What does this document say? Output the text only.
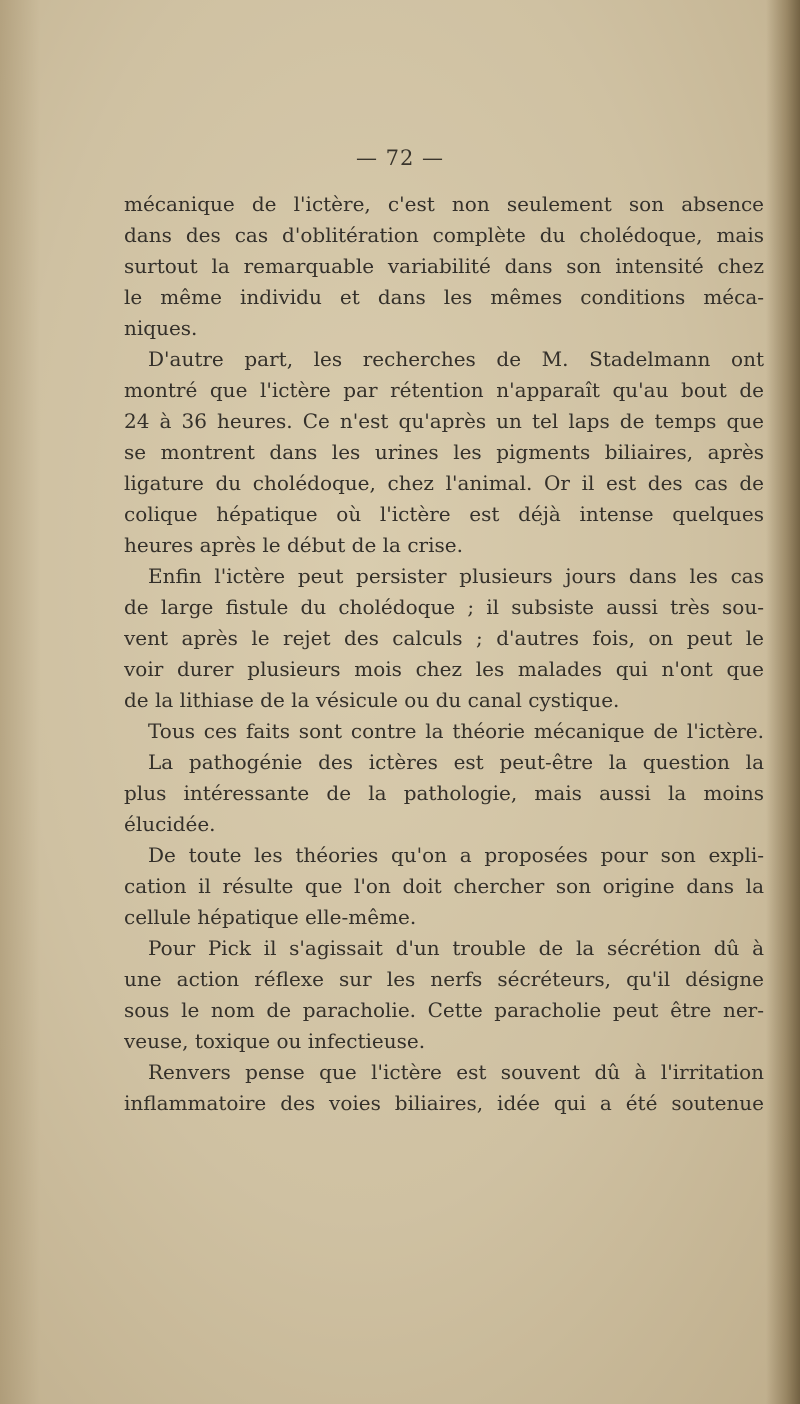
— 72 —
mécanique de l'ictère, c'est non seulement son absence
dans des cas d'oblitération complète du cholédoque, mais
surtout la remarquable variabilité dans son intensité chez
le même individu et dans les mêmes conditions méca-
niques.
D'autre part, les recherches de M. Stadelmann ont
montré que l'ictère par rétention n'apparaît qu'au bout de
24 à 36 heures. Ce n'est qu'après un tel laps de temps que
se montrent dans les urines les pigments biliaires, après
ligature du cholédoque, chez l'animal. Or il est des cas de
colique hépatique où l'ictère est déjà intense quelques
heures après le début de la crise.
Enfin l'ictère peut persister plusieurs jours dans les cas
de large fistule du cholédoque ; il subsiste aussi très sou-
vent après le rejet des calculs ; d'autres fois, on peut le
voir durer plusieurs mois chez les malades qui n'ont que
de la lithiase de la vésicule ou du canal cystique.
Tous ces faits sont contre la théorie mécanique de l'ictère.
La pathogénie des ictères est peut-être la question la
plus intéressante de la pathologie, mais aussi la moins
élucidée.
De toute les théories qu'on a proposées pour son expli-
cation il résulte que l'on doit chercher son origine dans la
cellule hépatique elle-même.
Pour Pick il s'agissait d'un trouble de la sécrétion dû à
une action réflexe sur les nerfs sécréteurs, qu'il désigne
sous le nom de paracholie. Cette paracholie peut être ner-
veuse, toxique ou infectieuse.
Renvers pense que l'ictère est souvent dû à l'irritation
inflammatoire des voies biliaires, idée qui a été soutenue
